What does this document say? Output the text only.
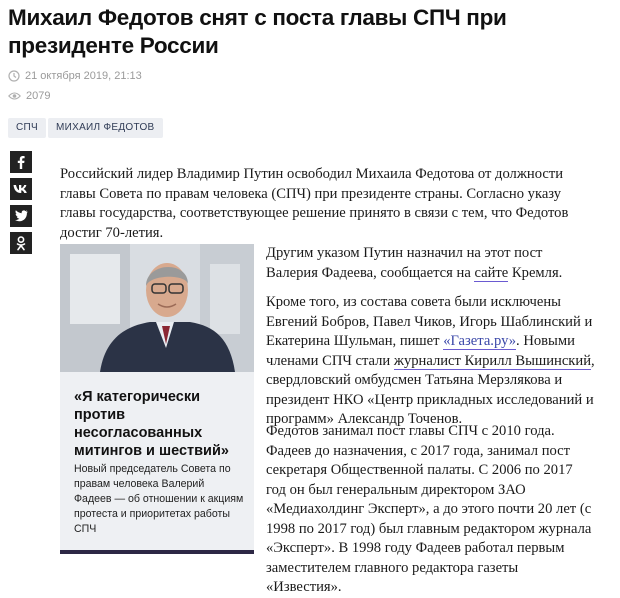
Михаил Федотов снят с поста главы СПЧ при президенте России
21 октября 2019, 21:13
2079
СПЧ	МИХАИЛ ФЕДОТОВ

Российский лидер Владимир Путин освободил Михаила Федотова от должности главы Совета по правам человека (СПЧ) при президенте страны. Согласно указу главы государства, соответствующее решение принято в связи с тем, что Федотов достиг 70-летия.

«Я категорически против несогласованных митингов и шествий»

Новый председатель Совета по правам человека Валерий Фадеев — об отношении к акциям протеста и приоритетах работы СПЧ

Другим указом Путин назначил на этот пост Валерия Фадеева, сообщается на сайте Кремля.

Кроме того, из состава совета были исключены Евгений Бобров, Павел Чиков, Игорь Шаблинский и Екатерина Шульман, пишет «Газета.ру». Новыми членами СПЧ стали журналист Кирилл Вышинский, свердловский омбудсмен Татьяна Мерзлякова и президент НКО «Центр прикладных исследований и программ» Александр Точенов.

Федотов занимал пост главы СПЧ с 2010 года. Фадеев до назначения, с 2017 года, занимал пост секретаря Общественной палаты. С 2006 по 2017 год он был генеральным директором ЗАО «Медиахолдинг Эксперт», а до этого почти 20 лет (с 1998 по 2017 год) был главным редактором журнала «Эксперт». В 1998 году Фадеев работал первым заместителем главного редактора газеты «Известия».
